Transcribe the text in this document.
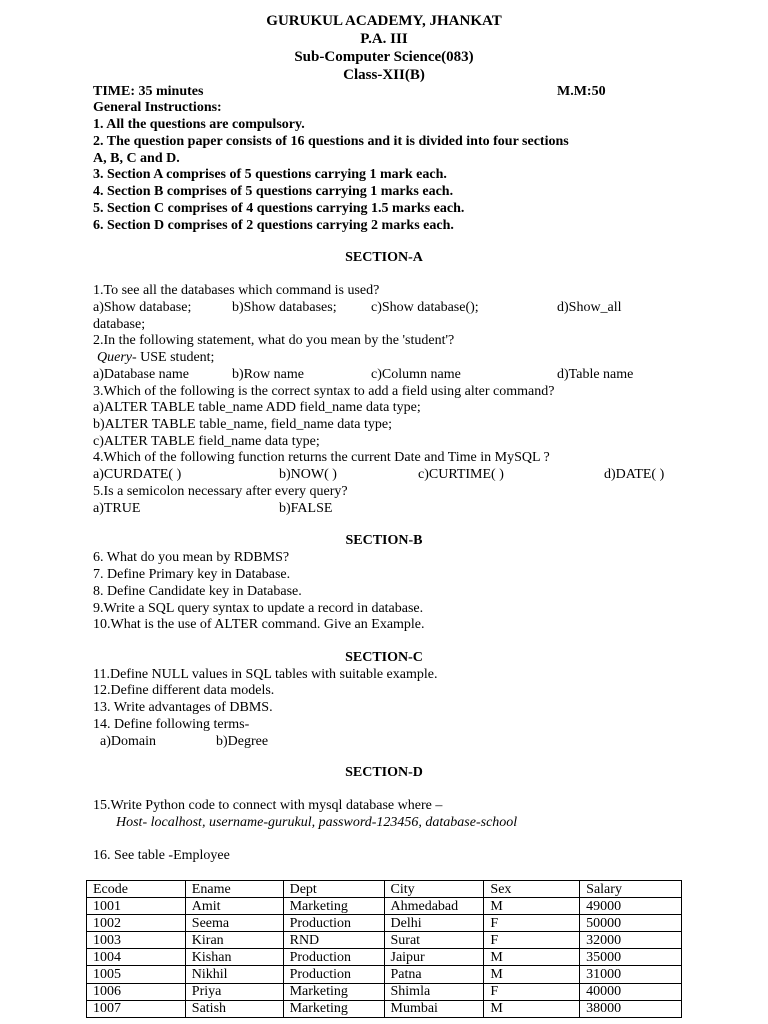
GURUKUL ACADEMY, JHANKAT
P.A. III
Sub-Computer Science(083)
Class-XII(B)
TIME: 35 minutes	M.M:50
General Instructions:
1. All the questions are compulsory.
2. The question paper consists of 16 questions and it is divided into four sections
A, B, C and D.
3. Section A comprises of 5 questions carrying 1 mark each.
4. Section B comprises of 5 questions carrying 1 marks each.
5. Section C comprises of 4 questions carrying 1.5 marks each.
6. Section D comprises of 2 questions carrying 2 marks each.
SECTION-A
1.To see all the databases which command is used?
a)Show database;	b)Show databases; c)Show database();	d)Show_all
database;
2.In the following statement, what do you mean by the 'student'?
Query- USE student;
a)Database name	b)Row name	c)Column name	d)Table name
3.Which of the following is the correct syntax to add a field using alter command?
a)ALTER TABLE table_name ADD field_name data type;
b)ALTER TABLE table_name, field_name data type;
c)ALTER TABLE field_name data type;
4.Which of the following function returns the current Date and Time in MySQL ?
a)CURDATE( )	b)NOW( )	c)CURTIME( )	d)DATE( )
5.Is a semicolon necessary after every query?
a)TRUE	b)FALSE
SECTION-B
6. What do you mean by RDBMS?
7. Define Primary key in Database.
8. Define Candidate key in Database.
9.Write a SQL query syntax to update a record in database.
10.What is the use of ALTER command. Give an Example.
SECTION-C
11.Define NULL values in SQL tables with suitable example.
12.Define different data models.
13. Write advantages of DBMS.
14. Define following terms-
a)Domain	b)Degree
SECTION-D
15.Write Python code to connect with mysql database where –
Host- localhost, username-gurukul, password-123456, database-school
16. See table -Employee
Ecode	Ename	Dept	City	Sex	Salary
1001	Amit	Marketing	Ahmedabad	M	49000
1002	Seema	Production	Delhi	F	50000
1003	Kiran	RND	Surat	F	32000
1004	Kishan	Production	Jaipur	M	35000
1005	Nikhil	Production	Patna	M	31000
1006	Priya	Marketing	Shimla	F	40000
1007	Satish	Marketing	Mumbai	M	38000
